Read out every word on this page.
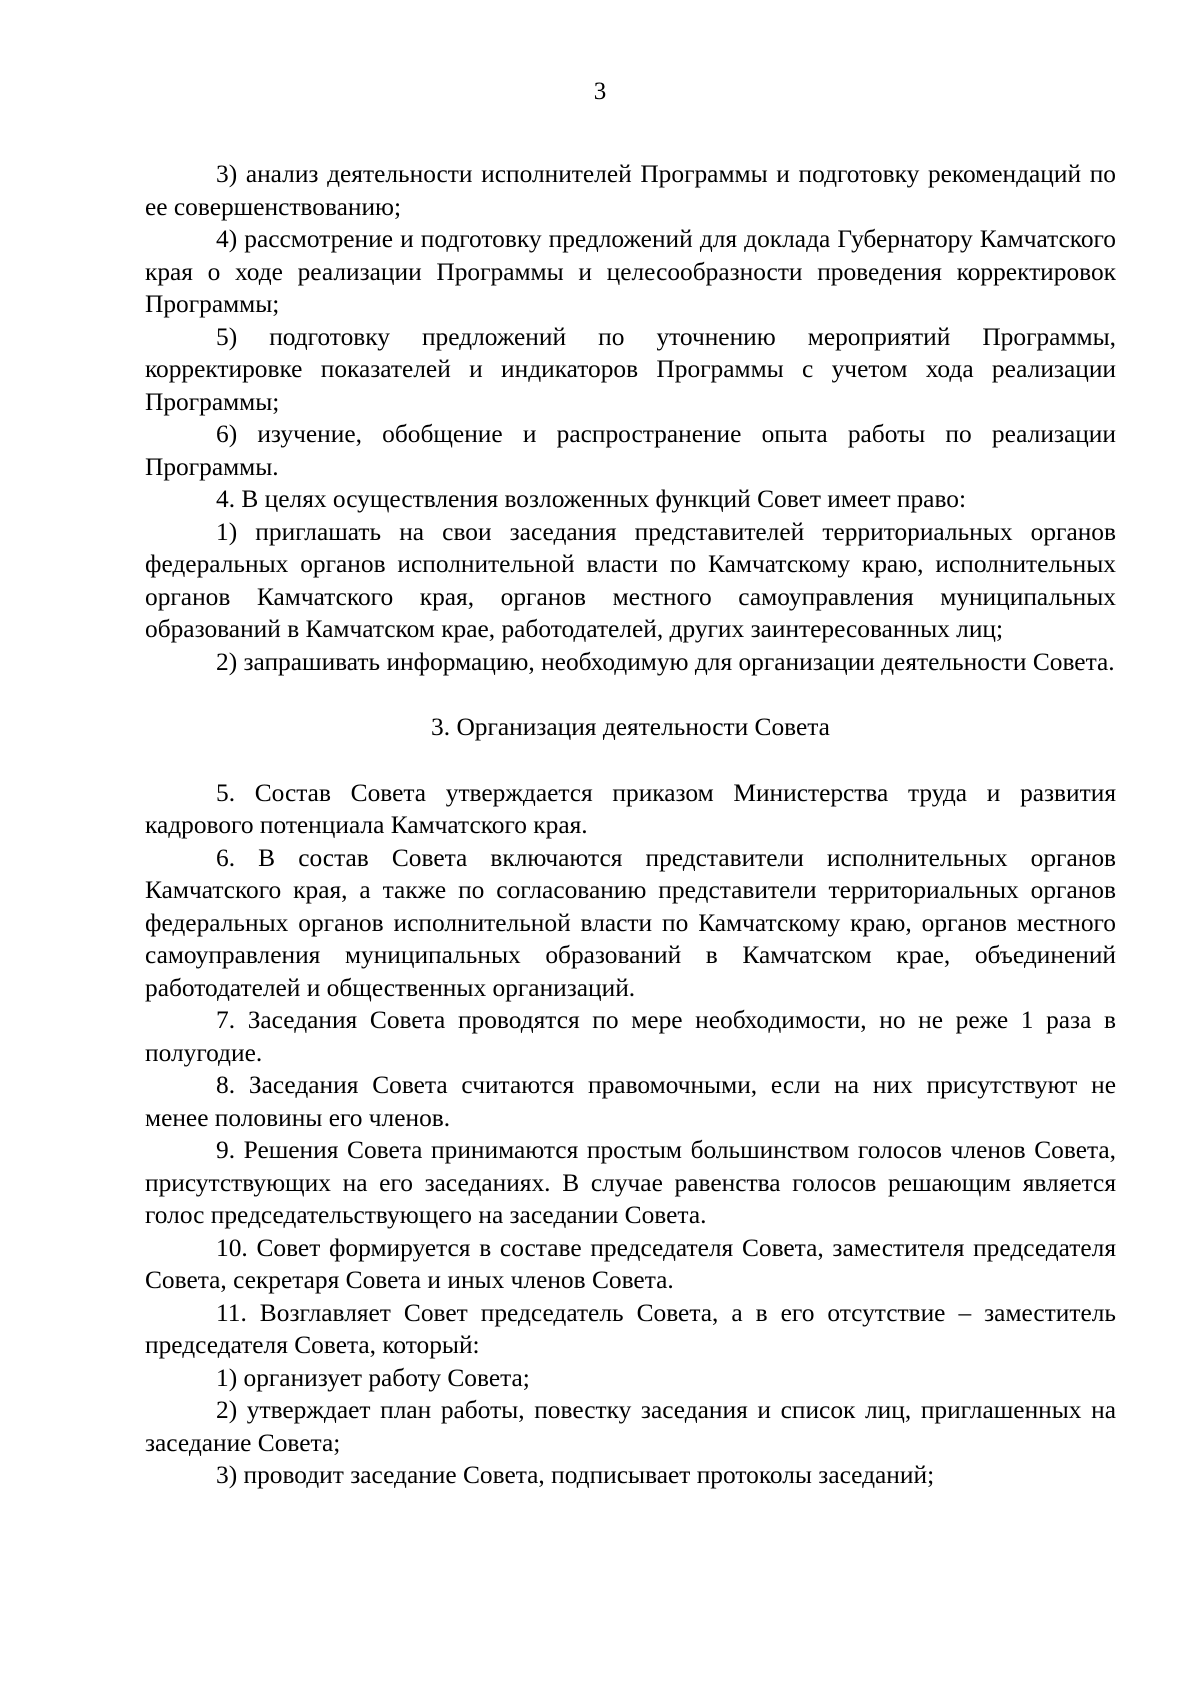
3

3) анализ деятельности исполнителей Программы и подготовку рекомендаций по ее совершенствованию;

4) рассмотрение и подготовку предложений для доклада Губернатору Камчатского края о ходе реализации Программы и целесообразности проведения корректировок Программы;

5) подготовку предложений по уточнению мероприятий Программы, корректировке показателей и индикаторов Программы с учетом хода реализации Программы;

6) изучение, обобщение и распространение опыта работы по реализации Программы.

4. В целях осуществления возложенных функций Совет имеет право:

1) приглашать на свои заседания представителей территориальных органов федеральных органов исполнительной власти по Камчатскому краю, исполнительных органов Камчатского края, органов местного самоуправления муниципальных образований в Камчатском крае, работодателей, других заинтересованных лиц;

2) запрашивать информацию, необходимую для организации деятельности Совета.

3. Организация деятельности Совета

5. Состав Совета утверждается приказом Министерства труда и развития кадрового потенциала Камчатского края.

6. В состав Совета включаются представители исполнительных органов Камчатского края, а также по согласованию представители территориальных органов федеральных органов исполнительной власти по Камчатскому краю, органов местного самоуправления муниципальных образований в Камчатском крае, объединений работодателей и общественных организаций.

7. Заседания Совета проводятся по мере необходимости, но не реже 1 раза в полугодие.

8. Заседания Совета считаются правомочными, если на них присутствуют не менее половины его членов.

9. Решения Совета принимаются простым большинством голосов членов Совета, присутствующих на его заседаниях. В случае равенства голосов решающим является голос председательствующего на заседании Совета.

10. Совет формируется в составе председателя Совета, заместителя председателя Совета, секретаря Совета и иных членов Совета.

11. Возглавляет Совет председатель Совета, а в его отсутствие – заместитель председателя Совета, который:

1) организует работу Совета;

2) утверждает план работы, повестку заседания и список лиц, приглашенных на заседание Совета;

3) проводит заседание Совета, подписывает протоколы заседаний;
